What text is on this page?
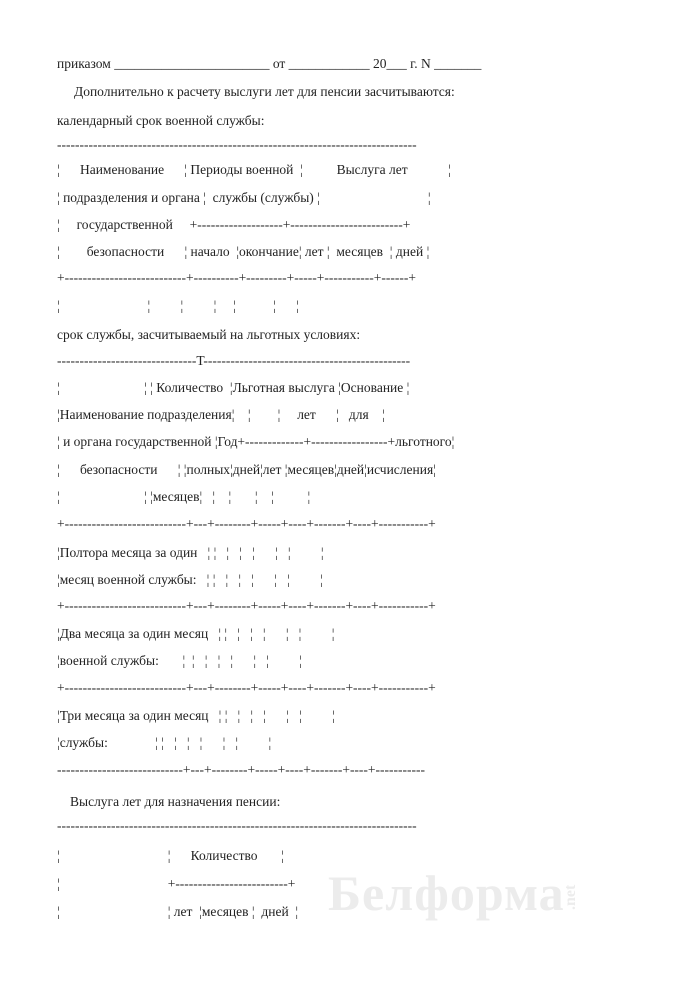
приказом _______________________ от ____________ 20___ г. N _______
Дополнительно к расчету выслуги лет для пенсии засчитываются:
календарный срок военной службы:
--------------------------------------------------------------------------------
¦      Наименование      ¦ Периоды военной  ¦          Выслуга лет            ¦
¦ подразделения и органа ¦  службы (службы) ¦                                ¦
¦     государственной     +-------------------+-------------------------+
¦        безопасности      ¦ начало  ¦окончание¦ лет ¦  месяцев  ¦ дней ¦
+---------------------------+----------+---------+-----+-----------+------+
¦                          ¦         ¦         ¦     ¦           ¦      ¦
срок службы, засчитываемый на льготных условиях:
-------------------------------T----------------------------------------------
¦                         ¦ ¦ Количество  ¦Льготная выслуга ¦Основание ¦
¦Наименование подразделения¦    ¦        ¦     лет      ¦   для    ¦
¦ и органа государственной ¦Год+-------------+-----------------+льготного¦
¦      безопасности      ¦ ¦полных¦дней¦лет ¦месяцев¦дней¦исчисления¦
¦                         ¦ ¦месяцев¦   ¦    ¦       ¦    ¦          ¦
+---------------------------+---+--------+-----+----+-------+----+-----------+
¦Полтора месяца за один   ¦ ¦   ¦   ¦   ¦      ¦   ¦         ¦
¦месяц военной службы:   ¦ ¦   ¦   ¦   ¦      ¦   ¦         ¦
+---------------------------+---+--------+-----+----+-------+----+-----------+
¦Два месяца за один месяц   ¦ ¦   ¦   ¦   ¦      ¦   ¦         ¦
¦военной службы:       ¦  ¦   ¦   ¦   ¦      ¦   ¦         ¦
+---------------------------+---+--------+-----+----+-------+----+-----------+
¦Три месяца за один месяц   ¦ ¦   ¦   ¦   ¦      ¦   ¦         ¦
¦службы:              ¦ ¦   ¦   ¦   ¦      ¦   ¦         ¦
----------------------------+---+--------+-----+----+-------+----+-----------
Выслуга лет для назначения пенсии:
--------------------------------------------------------------------------------
¦                                ¦      Количество       ¦
¦                                +-------------------------+
¦                                ¦ лет  ¦месяцев ¦  дней  ¦ Белформа.net
